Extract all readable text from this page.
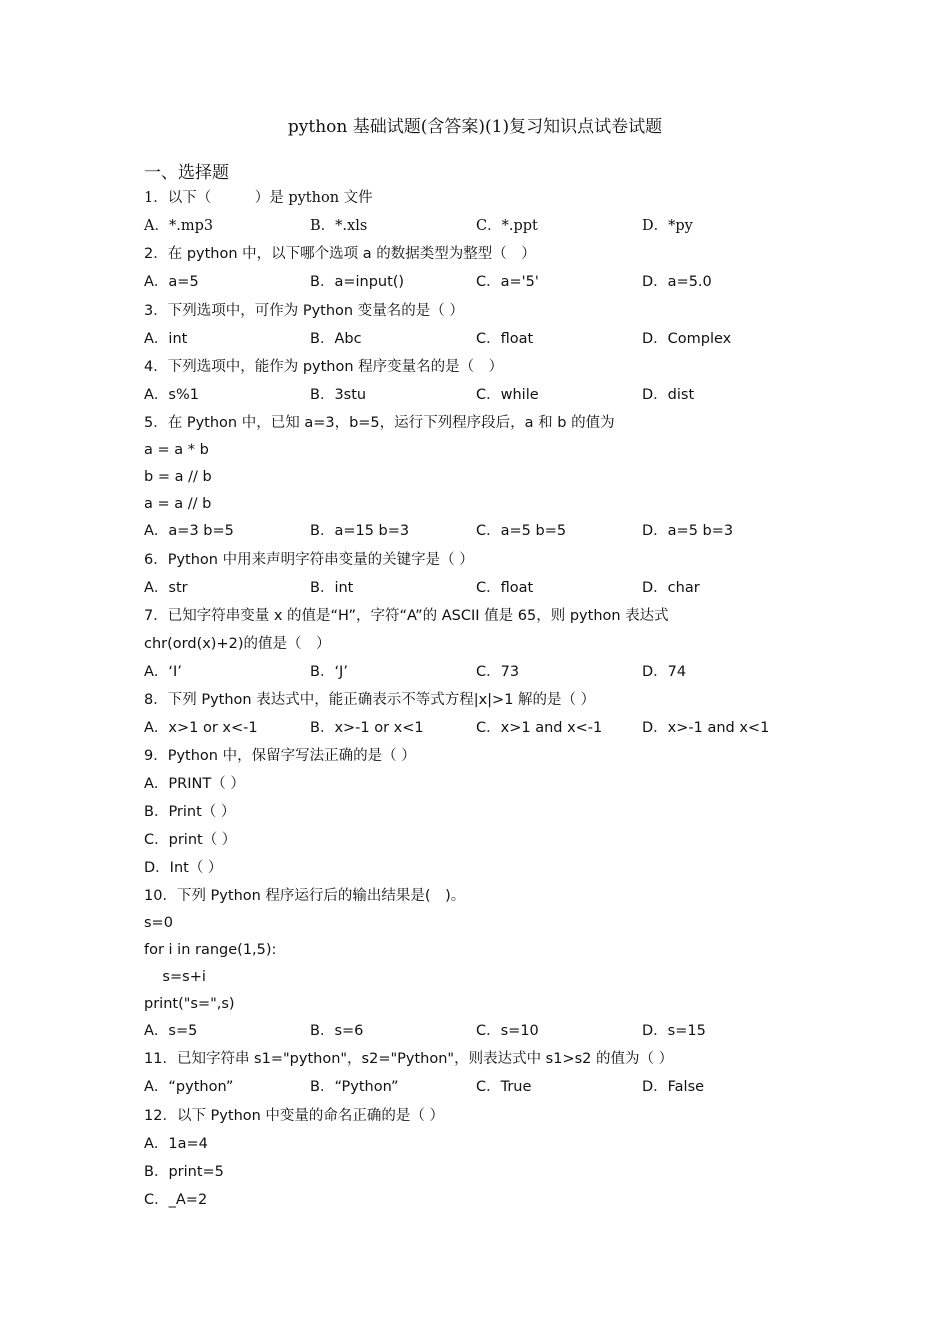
python 基础试题(含答案)(1)复习知识点试卷试题
一、选择题
1．以下（　　　）是 python 文件
A．*.mp3	B．*.xls	C．*.ppt	D．*py
2．在 python 中，以下哪个选项 a 的数据类型为整型（　）
A．a=5	B．a=input()	C．a='5'	D．a=5.0
3．下列选项中，可作为 Python 变量名的是（ ）
A．int	B．Abc	C．float	D．Complex
4．下列选项中，能作为 python 程序变量名的是（　）
A．s%1	B．3stu	C．while	D．dist
5．在 Python 中，已知 a=3，b=5，运行下列程序段后，a 和 b 的值为
a = a * b
b = a // b
a = a // b
A．a=3 b=5	B．a=15 b=3	C．a=5 b=5	D．a=5 b=3
6．Python 中用来声明字符串变量的关键字是（ ）
A．str	B．int	C．float	D．char
7．已知字符串变量 x 的值是“H”，字符“A”的 ASCII 值是 65，则 python 表达式
chr(ord(x)+2)的值是（　）
A．‘I’	B．‘J’	C．73	D．74
8．下列 Python 表达式中，能正确表示不等式方程|x|>1 解的是（ ）
A．x>1 or x<-1	B．x>-1 or x<1	C．x>1 and x<-1	D．x>-1 and x<1
9．Python 中，保留字写法正确的是（ ）
A．PRINT（ ）
B．Print（ ）
C．print（ ）
D．Int（ ）
10．下列 Python 程序运行后的输出结果是(　)。
s=0
for i in range(1,5):
s=s+i
print("s=",s)
A．s=5	B．s=6	C．s=10	D．s=15
11．已知字符串 s1="python"，s2="Python"，则表达式中 s1>s2 的值为（ ）
A．“python”	B．“Python”	C．True	D．False
12．以下 Python 中变量的命名正确的是（ ）
A．1a=4
B．print=5
C．_A=2
